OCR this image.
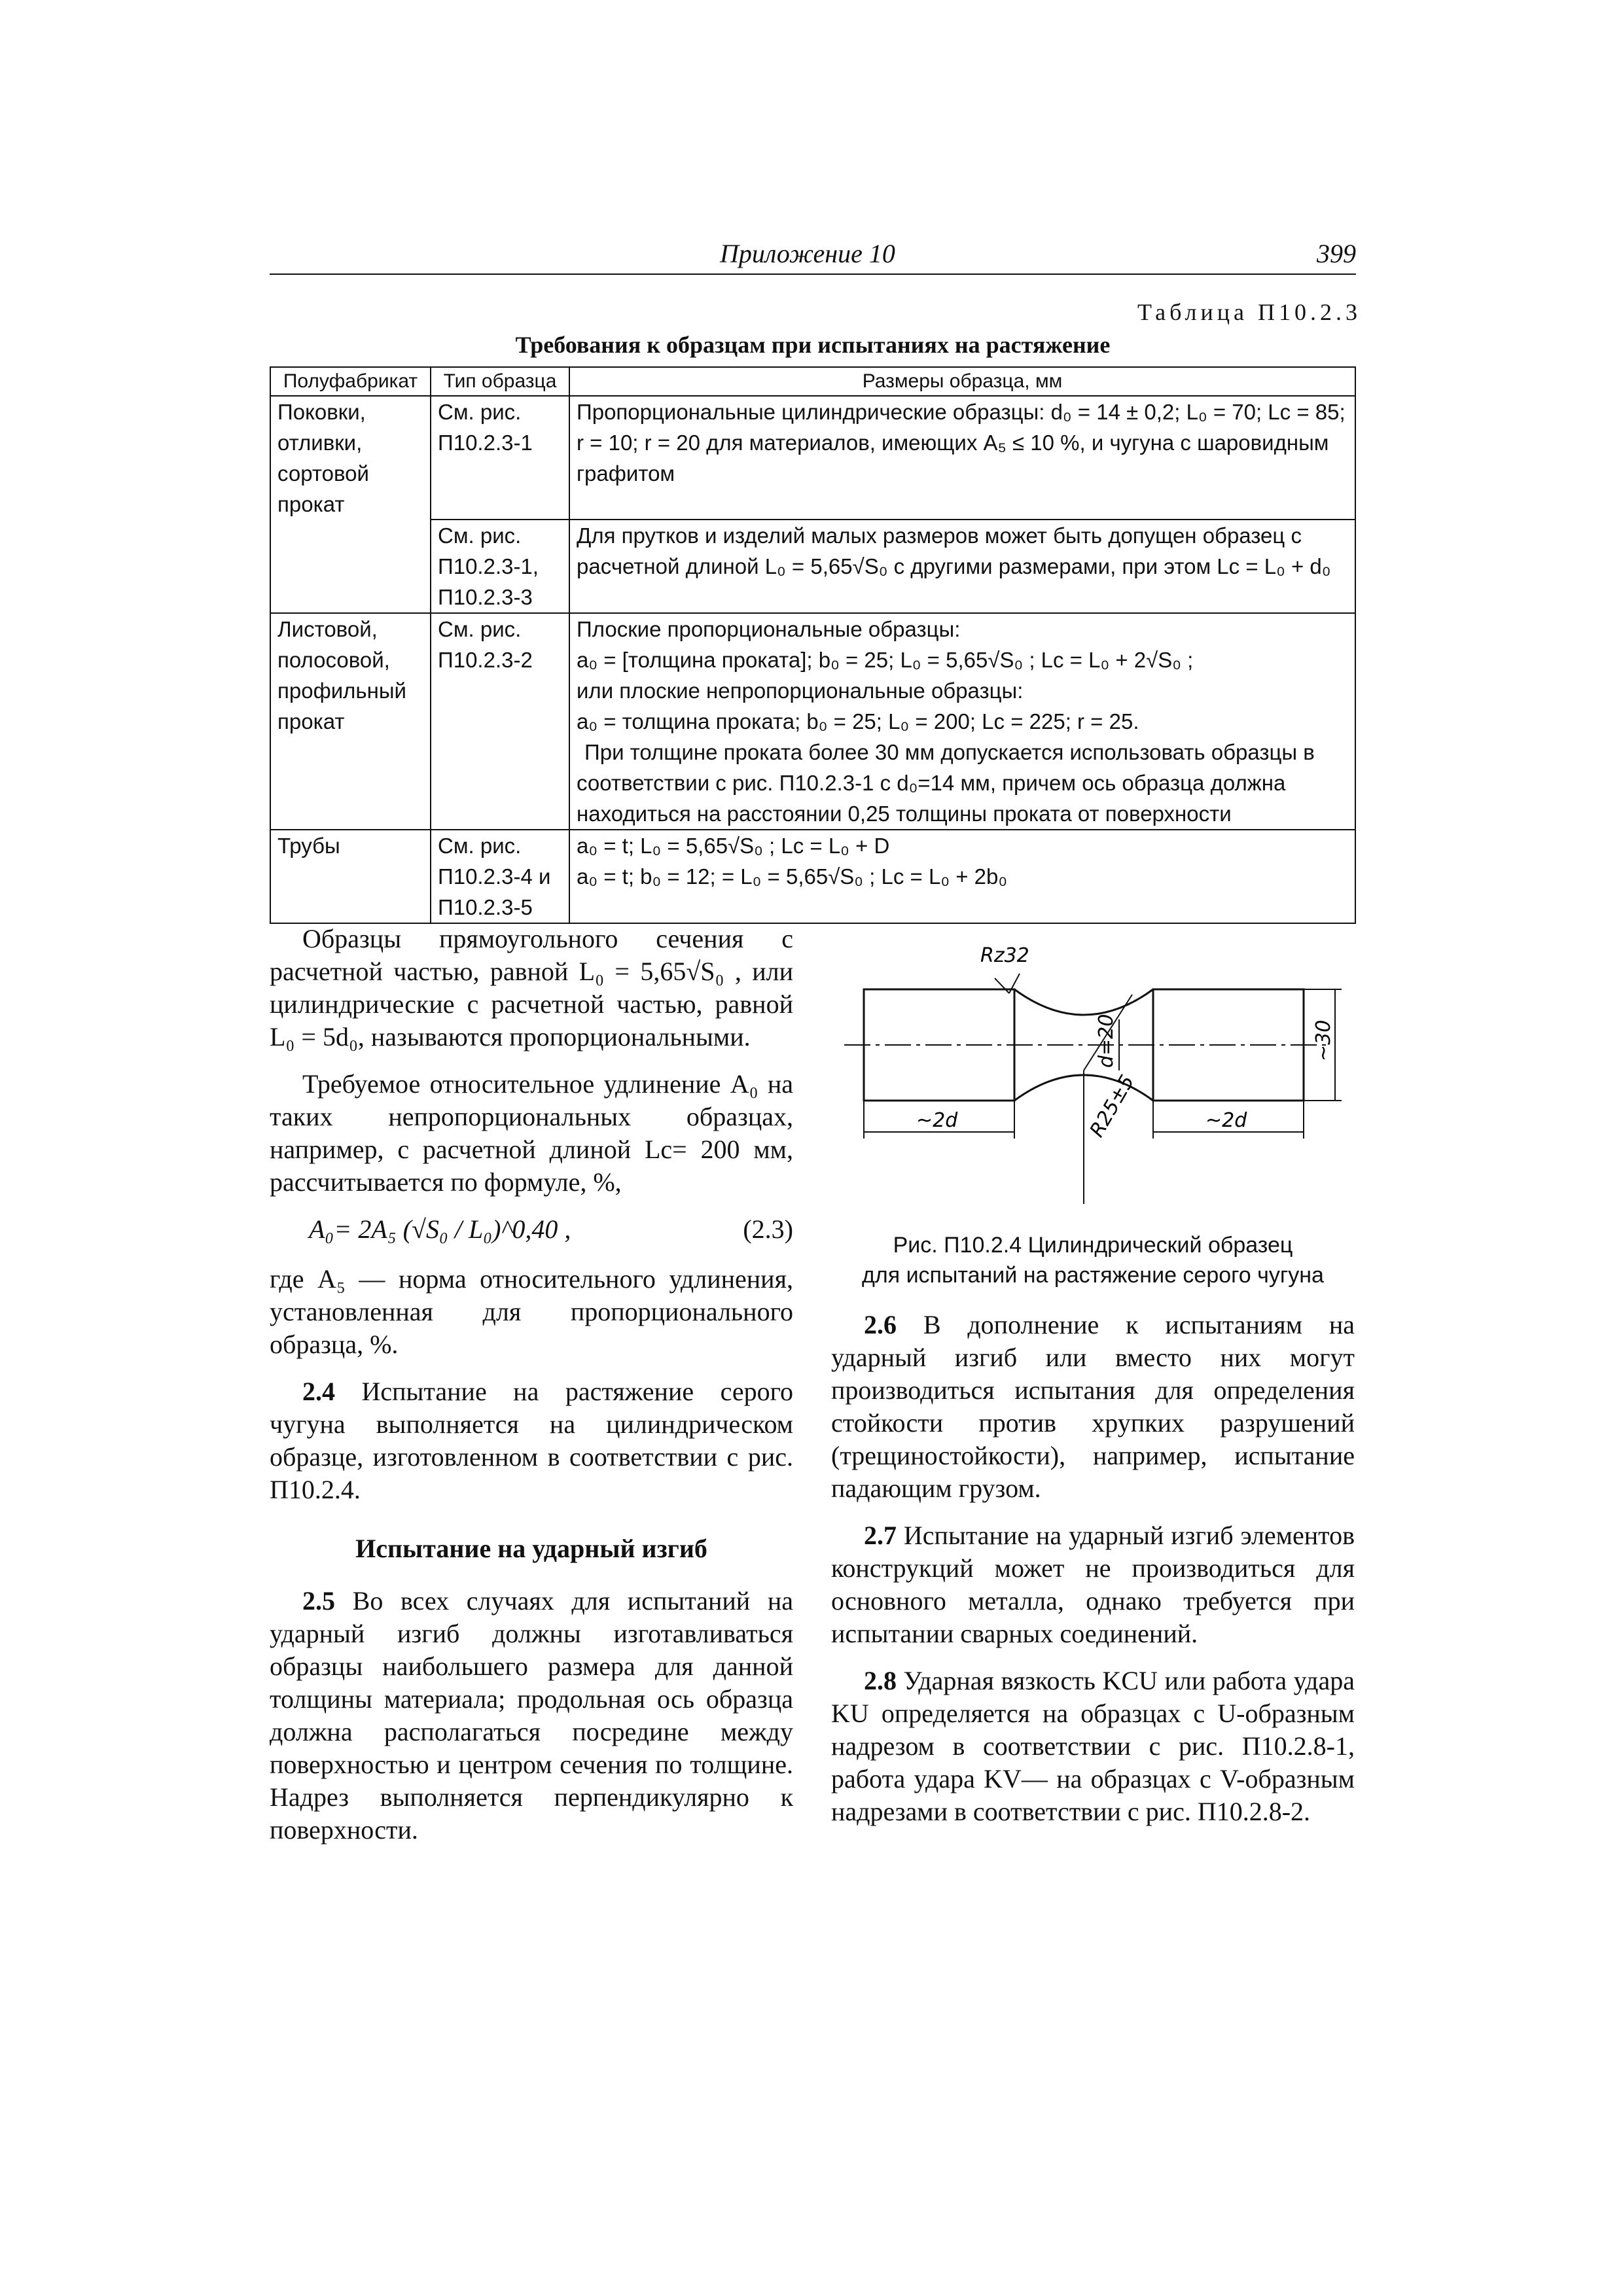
Приложение 10	399
Таблица П10.2.3
Требования к образцам при испытаниях на растяжение
Полуфабрикат	Тип образца	Размеры образца, мм
Поковки, отливки, сортовой прокат	См. рис. П10.2.3-1	Пропорциональные цилиндрические образцы: d₀ = 14 ± 0,2; L₀ = 70; Lc = 85; r = 10; r = 20 для материалов, имеющих A₅ ≤ 10 %, и чугуна с шаровидным графитом
	См. рис. П10.2.3-1, П10.2.3-3	Для прутков и изделий малых размеров может быть допущен образец с расчетной длиной L₀ = 5,65√S₀ с другими размерами, при этом Lc = L₀ + d₀
Листовой, полосовой, профильный прокат	См. рис. П10.2.3-2	Плоские пропорциональные образцы:
a₀ = [толщина проката]; b₀ = 25; L₀ = 5,65√S₀ ; Lc = L₀ + 2√S₀ ;
или плоские непропорциональные образцы:
a₀ = толщина проката; b₀ = 25; L₀ = 200; Lc = 225; r = 25.
При толщине проката более 30 мм допускается использовать образцы в соответствии с рис. П10.2.3-1 с d₀=14 мм, причем ось образца должна находиться на расстоянии 0,25 толщины проката от поверхности

Трубы	См. рис. П10.2.3-4 и П10.2.3-5	a₀ = t; L₀ = 5,65√S₀ ; Lc = L₀ + D
a₀ = t; b₀ = 12; = L₀ = 5,65√S₀ ; Lc = L₀ + 2b₀

Образцы прямоугольного сечения с расчетной частью, равной L₀ = 5,65√S₀ , или цилиндрические с расчетной частью, равной L₀ = 5d₀, называются пропорциональными.

Требуемое относительное удлинение A₀ на таких непропорциональных образцах, например, с расчетной длиной Lc= 200 мм, рассчитывается по формуле, %,

A₀= 2A₅ (√S₀ / L₀)^0,40 ,	(2.3)

где A₅ — норма относительного удлинения, установленная для пропорционального образца, %.

2.4 Испытание на растяжение серого чугуна выполняется на цилиндрическом образце, изготовленном в соответствии с рис. П10.2.4.

Испытание на ударный изгиб

2.5 Во всех случаях для испытаний на ударный изгиб должны изготавливаться образцы наибольшего размера для данной толщины материала; продольная ось образца должна располагаться посредине между поверхностью и центром сечения по толщине. Надрез выполняется перпендикулярно к поверхности.

Rz32
~2d	~2d
d=20	~30
R25±5
Рис. П10.2.4 Цилиндрический образец
для испытаний на растяжение серого чугуна

2.6 В дополнение к испытаниям на ударный изгиб или вместо них могут производиться испытания для определения стойкости против хрупких разрушений (трещиностойкости), например, испытание падающим грузом.

2.7 Испытание на ударный изгиб элементов конструкций может не производиться для основного металла, однако требуется при испытании сварных соединений.

2.8 Ударная вязкость KCU или работа удара KU определяется на образцах с U-образным надрезом в соответствии с рис. П10.2.8-1, работа удара KV— на образцах с V-образным надрезами в соответствии с рис. П10.2.8-2.
